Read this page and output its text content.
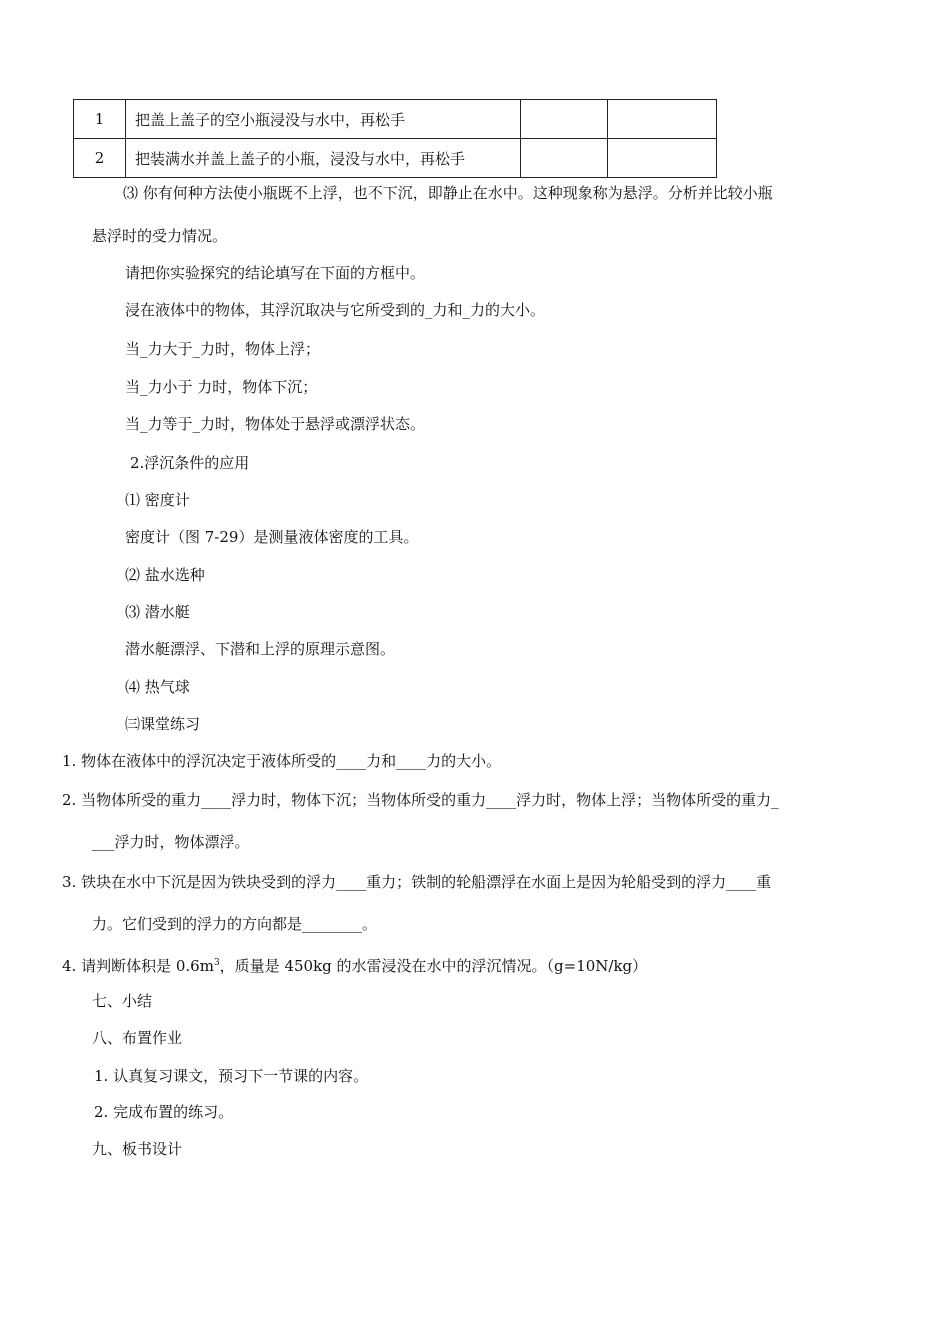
1	把盖上盖子的空小瓶浸没与水中，再松手		
2	把装满水并盖上盖子的小瓶，浸没与水中，再松手		
⑶ 你有何种方法使小瓶既不上浮，也不下沉，即静止在水中。这种现象称为悬浮。分析并比较小瓶
悬浮时的受力情况。
请把你实验探究的结论填写在下面的方框中。
浸在液体中的物体，其浮沉取决与它所受到的_力和_力的大小。
当_力大于_力时，物体上浮；
当_力小于 力时，物体下沉；
当_力等于_力时，物体处于悬浮或漂浮状态。
2.浮沉条件的应用
⑴ 密度计
密度计（图 7-29）是测量液体密度的工具。
⑵ 盐水选种
⑶ 潜水艇
潜水艇漂浮、下潜和上浮的原理示意图。
⑷ 热气球
㈢课堂练习
1. 物体在液体中的浮沉决定于液体所受的____力和____力的大小。
2. 当物体所受的重力____浮力时，物体下沉；当物体所受的重力____浮力时，物体上浮；当物体所受的重力_
___浮力时，物体漂浮。
3. 铁块在水中下沉是因为铁块受到的浮力____重力；铁制的轮船漂浮在水面上是因为轮船受到的浮力____重
力。它们受到的浮力的方向都是________。
4. 请判断体积是 $0.6m^3$，质量是 450kg 的水雷浸没在水中的浮沉情况。（g=10N/kg）
七、小结
八、布置作业
1. 认真复习课文，预习下一节课的内容。
2. 完成布置的练习。
九、板书设计
